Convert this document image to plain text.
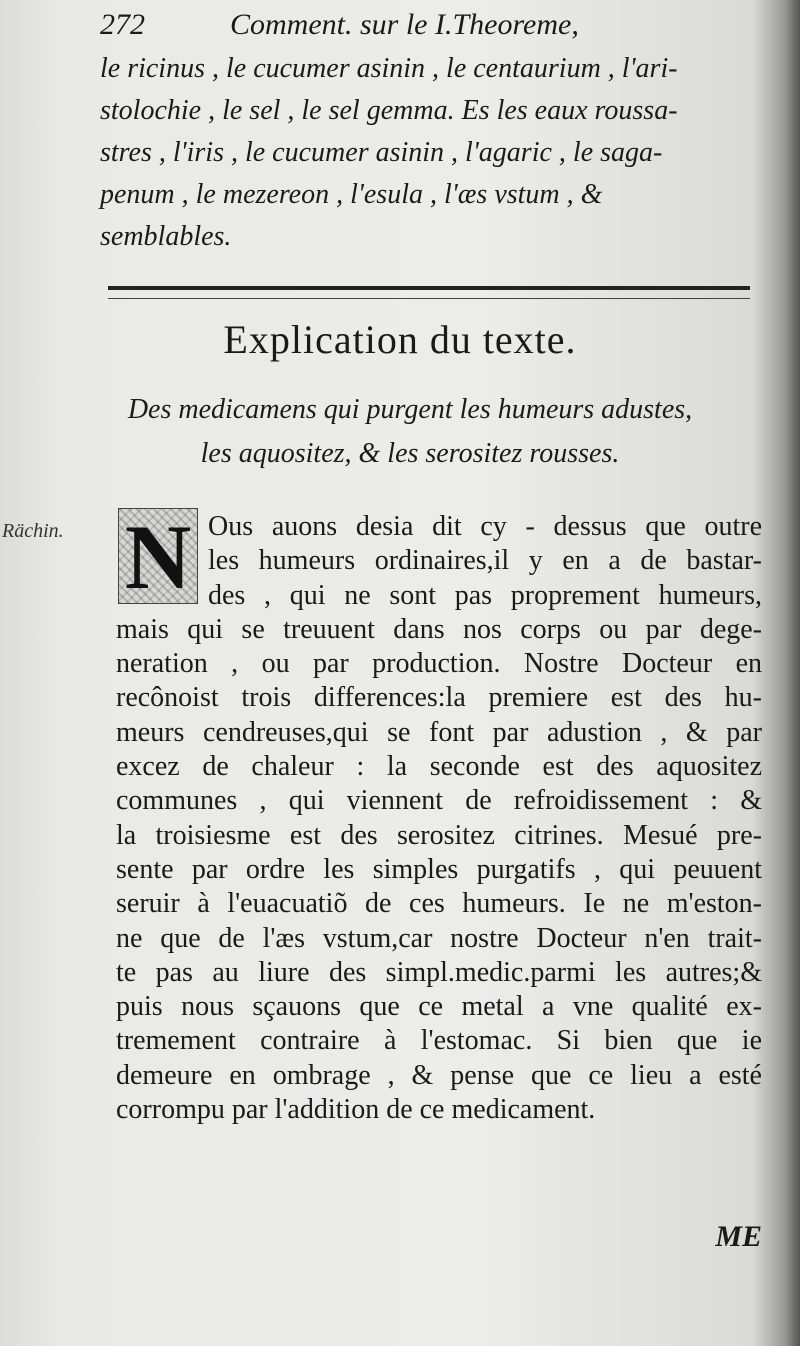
272	Comment. sur le I.Theoreme,
le ricinus , le cucumer asinin , le centaurium , l'ari-
stolochie , le sel , le sel gemma. Es les eaux roussa-
stres , l'iris , le cucumer asinin , l'agaric , le saga-
penum , le mezereon , l'esula , l'æs vstum , &
semblables.
Explication du texte.
Des medicamens qui purgent les humeurs adustes,
les aquositez, & les serositez rousses.
Rächin. N Ous auons desia dit cy - dessus que outre
les humeurs ordinaires,il y en a de bastar-
des , qui ne sont pas proprement humeurs,
mais qui se treuuent dans nos corps ou par dege-
neration , ou par production. Nostre Docteur en
recônoist trois differences:la premiere est des hu-
meurs cendreuses,qui se font par adustion , & par
excez de chaleur : la seconde est des aquositez
communes , qui viennent de refroidissement : &
la troisiesme est des serositez citrines. Mesué pre-
sente par ordre les simples purgatifs , qui peuuent
seruir à l'euacuatiõ de ces humeurs. Ie ne m'eston-
ne que de l'æs vstum,car nostre Docteur n'en trait-
te pas au liure des simpl.medic.parmi les autres;&
puis nous sçauons que ce metal a vne qualité ex-
tremement contraire à l'estomac. Si bien que ie
demeure en ombrage , & pense que ce lieu a esté
corrompu par l'addition de ce medicament.
ME
